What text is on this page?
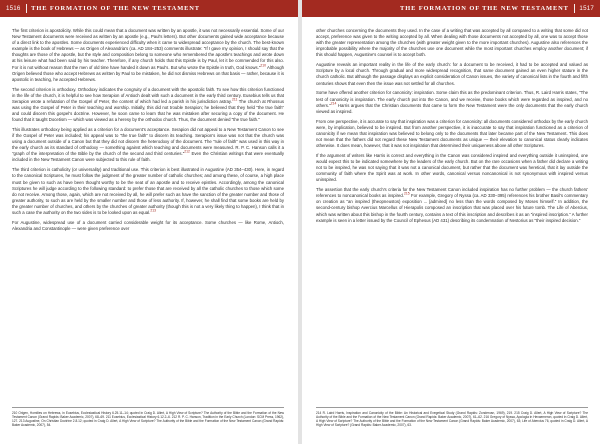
1516 THE FORMATION OF THE NEW TESTAMENT	THE FORMATION OF THE NEW TESTAMENT 1517

The first criterion is apostolicity. While this could mean that a document was written by an apostle, it was not necessarily essential. Some of our New Testament documents were received as written by an apostle (e.g., Paul's letters). But other documents gained wide acceptance because of a direct link to the apostles. Some documents experienced difficulty when it came to widespread acceptance by the church. The best-known example is the book of Hebrews — as Origen of Alexandria's (ca. AD 184–253) comments illustrate: "If I gave my opinion, I should say that the thoughts are those of the apostle, but the style and composition belong to someone who remembered the apostle's teachings and wrote down at his leisure what had been said by his teacher. Therefore, if any church holds that this Epistle is by Paul, let it be commended for this also. For it is not without reason that the men of old time have handed it down as Paul's. But who wrote the Epistle in truth, God knows."$^{210}$ Although Origen believed those who accept Hebrews as written by Paul to be mistaken, he did not dismiss Hebrews on that basis — rather, because it is apostolic in teaching, he accepted Hebrews.

The second criterion is orthodoxy. Orthodoxy indicates the congruity of a document with the apostolic faith. To see how this criterion functioned in the life of the church, it is helpful to see how Serapion of Antioch dealt with such a document in the early third century. Eusebius tells us that Serapion wrote a refutation of the Gospel of Peter, the content of which had led a parish in his jurisdiction astray.$^{211}$ The church at Rhossus was using the Gospel of Peter in their teaching and worship. Initially, this did not trouble Serapion; he believed that they held "the true faith" and could discern this gospel's doctrine. However, he soon came to learn that he was mistaken after securing a copy of the document. He found that it taught Docetism — which was viewed as a heresy by the orthodox church. Thus, the document denied "the true faith."

This illustrates orthodoxy being applied as a criterion for a document's acceptance. Serapion did not appeal to a New Testament Canon to see if the Gospel of Peter was included; his appeal was to "the true faith" to discern its teaching. Serapion's issue was not that the church was using a document outside of a Canon but that they did not discern the heterodoxy of the document. The "rule of faith" was used in this way in the early church as its standard of orthodoxy — something against which teaching and documents were measured. R. P. C. Hanson calls it a "graph of the interpretation of the Bible by the church of the second and third centuries."$^{212}$ Even the Christian writings that were eventually included in the New Testament Canon were subjected to this rule of faith.

The third criterion is catholicity (or universality) and traditional use. This criterion is best illustrated in Augustine (AD 354–430). Here, in regard to the canonical Scriptures, he must follow the judgment of the greater number of catholic churches; and among these, of course, a high place must be given to such as have been thought worthy to be the seat of an apostle and to receive epistles. Accordingly, among the canonical Scriptures he will judge according to the following standard: to prefer those that are received by all the catholic churches to those which some do not receive. Among those, again, which are not received by all, he will prefer such as have the sanction of the greater number and those of greater authority, to such as are held by the smaller number and those of less authority. If, however, he shall find that some books are held by the greater number of churches, and others by the churches of greater authority (though this is not a very likely thing to happen), I think that in such a case the authority on the two sides is to be looked upon as equal.$^{213}$

For Augustine, widespread use of a document carried considerable weight for its acceptance. Some churches — like Rome, Antioch, Alexandria and Constantinople — were given preference over

other churches concerning the documents they used. In the case of a writing that was accepted by all compared to a writing that some did not accept, preference was given to the writing accepted by all. When dealing with those documents not accepted by all, one was to accept those with the greater representation among the churches (with greater weight given to the more important churches). Augustine also references the improbable possibility where the majority of the churches use one document while the most important churches employ another document; if this should happen, Augustine's counsel is to accept both.

Augustine reveals an important reality in the life of the early church: for a document to be received, it had to be accepted and valued as Scripture by a local church. Through gradual and more widespread recognition, that same document gained an even higher stature in the church catholic. But although the passage displays an explicit consideration of Canon issues, the variety of canonical lists in the fourth and fifth centuries shows that even then the issue was not settled for all churches.

Some have offered another criterion for canonicity: inspiration. Some claim this as the predominant criterion. Thus, R. Laird Harris states, "The test of canonicity is inspiration. The early church put into the Canon, and we receive, those books which were regarded as inspired, and no others."$^{214}$ Harris argues that the Christian documents that came to form the New Testament were the only documents that the early church viewed as inspired.

From one perspective, it is accurate to say that inspiration was a criterion for canonicity: all documents considered orthodox by the early church were, by implication, believed to be inspired. But from another perspective, it is inaccurate to say that inspiration functioned as a criterion of canonicity if we mean that inspiration was believed to belong only to the documents that later became part of the New Testament. This does not mean that the fathers did not regard these New Testament documents as unique — their elevation to canonical status clearly indicates otherwise. It does mean, however, that it was not inspiration that determined their uniqueness above all other Scriptures.

If the argument of writers like Harris is correct and everything in the Canon was considered inspired and everything outside it uninspired, one would expect this to be indicated somewhere by the leaders of the early church. But on the rare occasions when a father did declare a writing not to be inspired, he was not saying that it was not a canonical document, but rather that the document was heretical, that it lay outside the community of faith where the Spirit was at work. In other words, canonical versus noncanonical is not synonymous with inspired versus uninspired.

The assertion that the early church's criteria for the New Testament Canon included inspiration has no further problem — the church fathers' references to noncanonical books as inspired.$^{215}$ For example, Gregory of Nyssa (ca. AD 330–395) references his brother Basil's commentary on creation as "an inspired (theopneustos) exposition ... [admired] no less than the words composed by Moses himself." In addition, the second-century bishop Avercius Marcellus of Hierapolis composed an inscription that was placed over his future tomb. The Life of Abercius, which was written about this bishop in the fourth century, contains a text of this inscription and describes it as an "inspired inscription." A further example is seen in a letter issued by the Council of Ephesus (AD 431) describing its condemnation of Nestorius as "their inspired decision."

210 Origen, Homilies on Hebrews, in Eusebius, Ecclesiastical History 6.25.11–14; quoted in Craig D. Allert, A High View of Scripture? The Authority of the Bible and the Formation of the New Testament Canon (Grand Rapids: Baker Academic, 2007), 68–69. 211 Eusebius, Ecclesiastical History 6.12.2–6. 212 R. P. C. Hanson, Tradition in the Early Church (London: SCM Press, 1962), 127. 213 Augustine, On Christian Doctrine 2.8.12; quoted in Craig D. Allert, A High View of Scripture? The Authority of the Bible and the Formation of the New Testament Canon (Grand Rapids: Baker Academic, 2007), 54.

214 R. Laird Harris, Inspiration and Canonicity of the Bible: An Historical and Exegetical Study (Grand Rapids: Zondervan, 1969), 219. 215 Craig D. Allert, A High View of Scripture? The Authority of the Bible and the Formation of the New Testament Canon (Grand Rapids: Baker Academic, 2007), 61–62. 216 Gregory of Nyssa, Apologia in Hexaemeron, quoted in Craig D. Allert, A High View of Scripture? The Authority of the Bible and the Formation of the New Testament Canon (Grand Rapids: Baker Academic, 2007), 63; Life of Abercius 76, quoted in Craig D. Allert, A High View of Scripture? (Grand Rapids: Baker Academic, 2007), 63.
